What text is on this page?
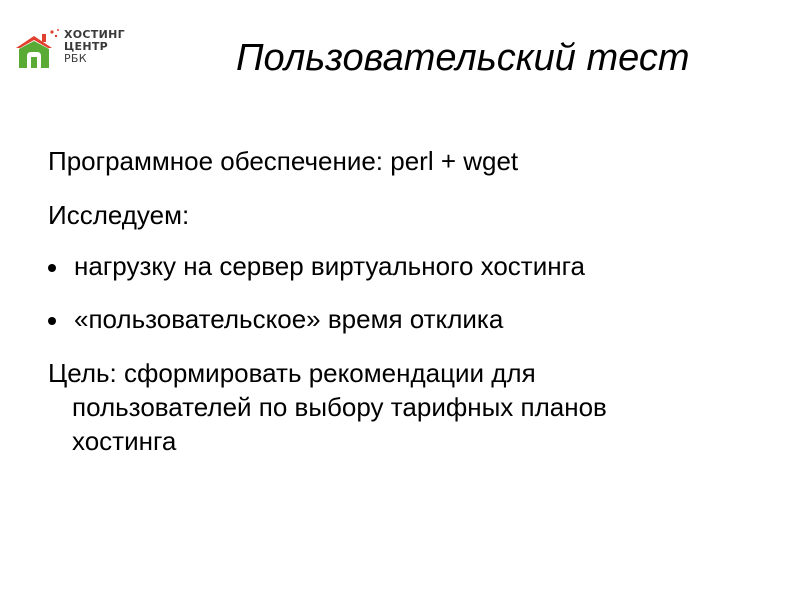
ХОСТИНГ
ЦЕНТР
РБК	Пользовательский тест
Программное обеспечение: perl + wget
Исследуем:
нагрузку на сервер виртуального хостинга
«пользовательское» время отклика
Цель: сформировать рекомендации для
пользователей по выбору тарифных планов
хостинга
